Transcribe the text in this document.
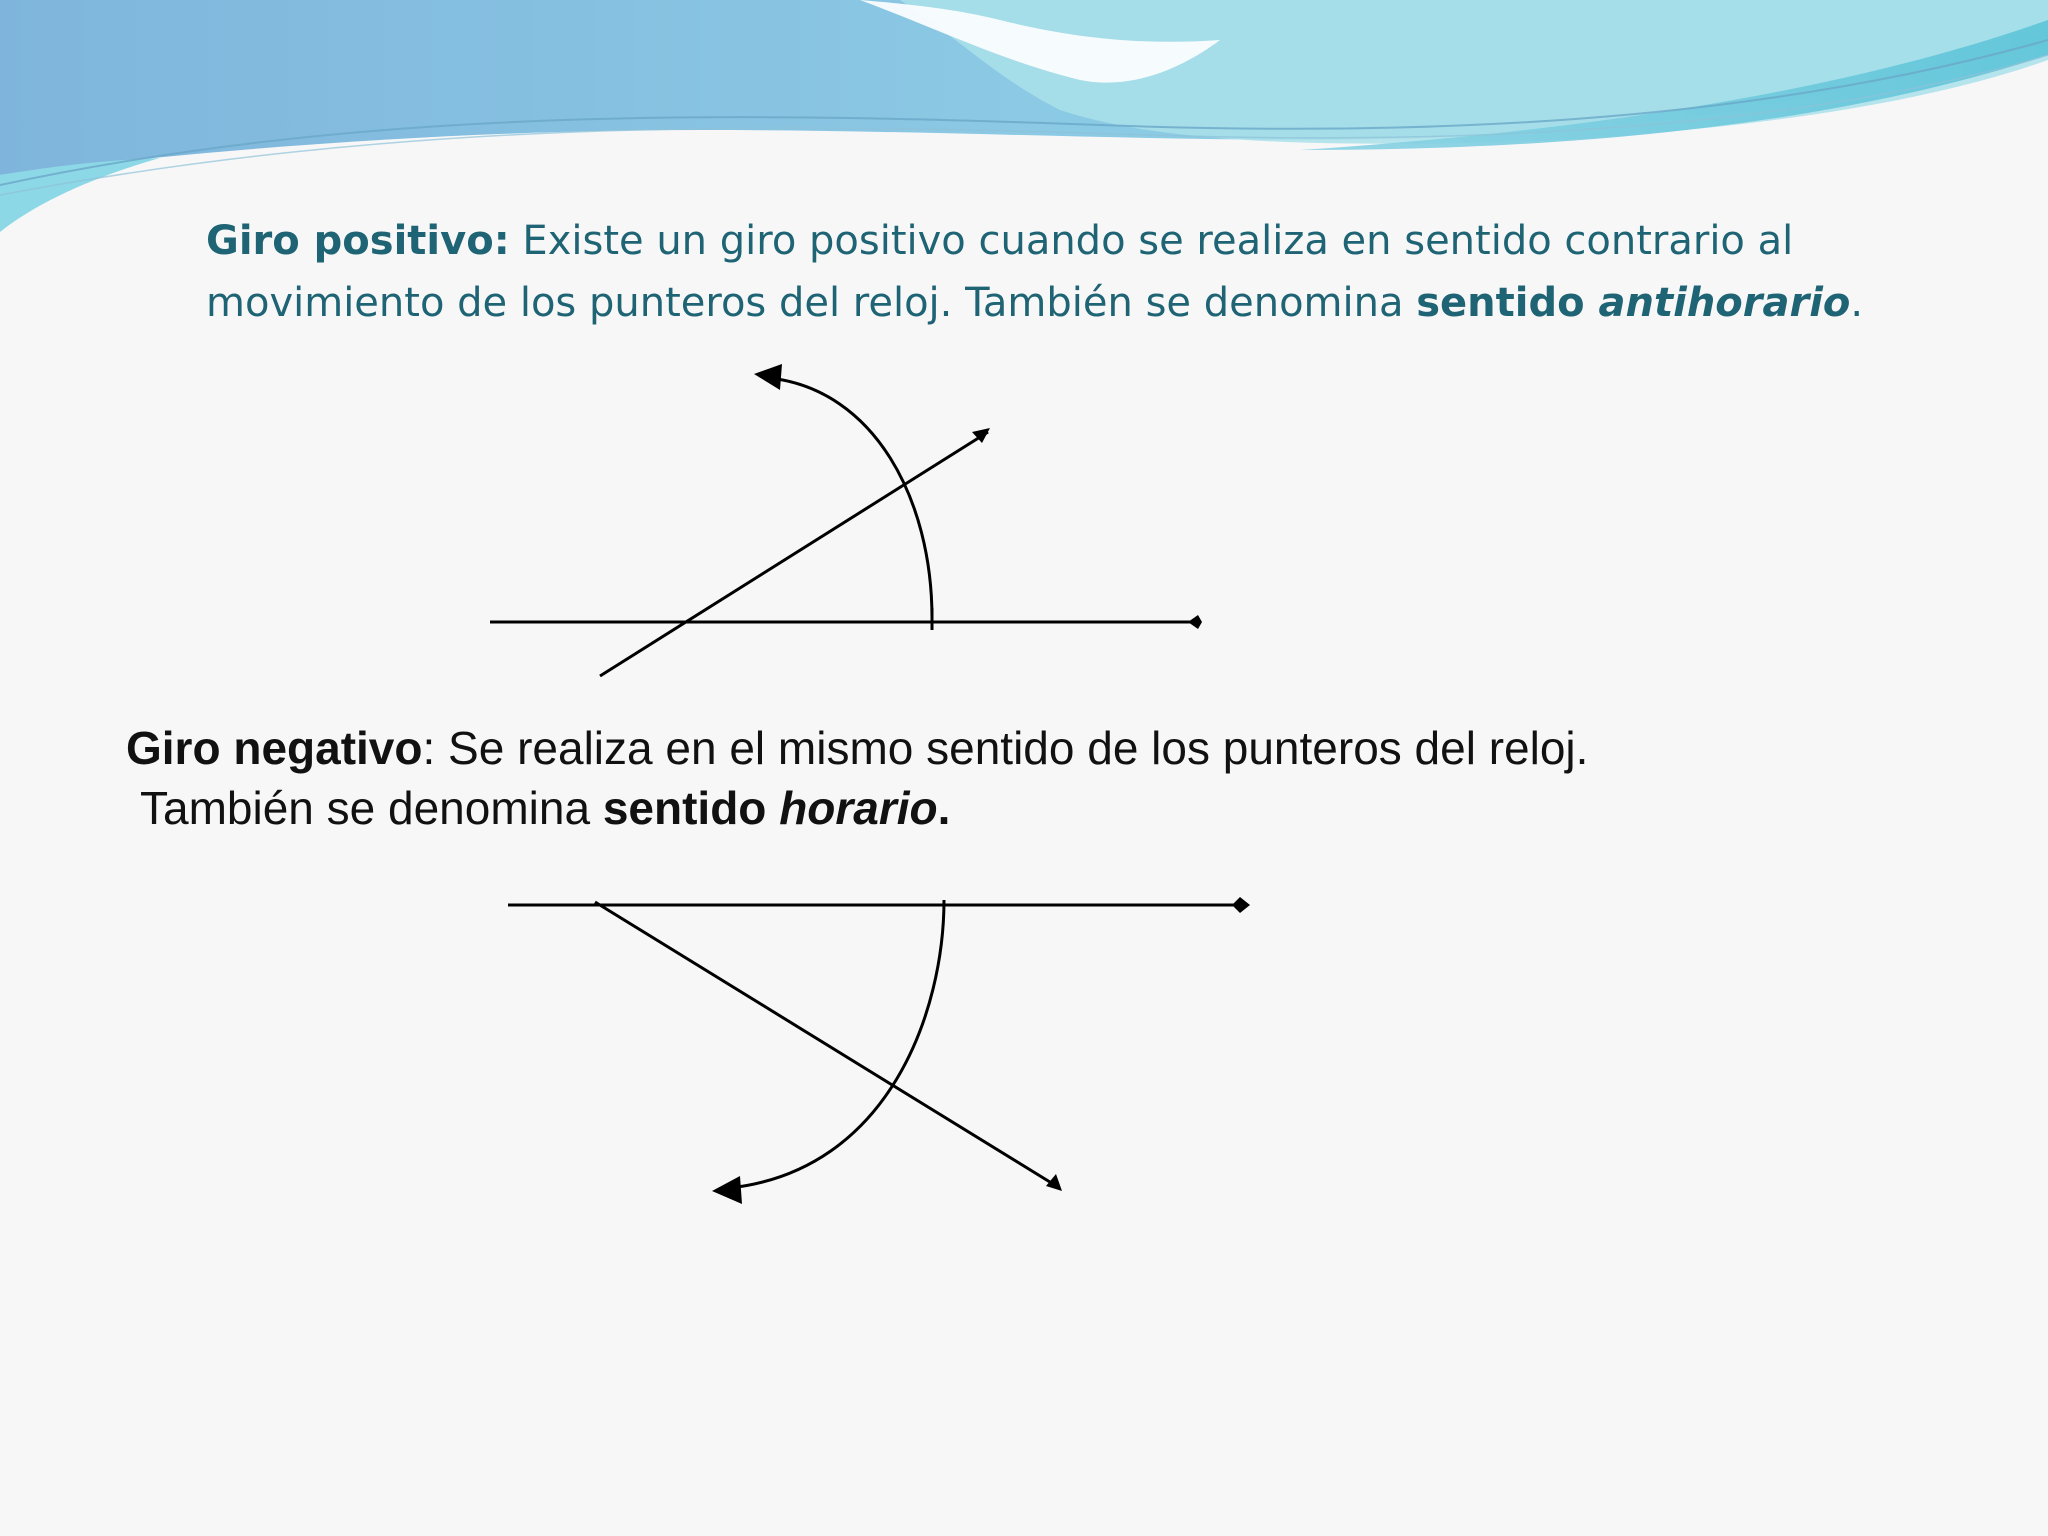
Giro positivo: Existe un giro positivo cuando se realiza en sentido contrario al
movimiento de los punteros del reloj. También se denomina sentido antihorario.

Giro negativo: Se realiza en el mismo sentido de los punteros del reloj.
También se denomina sentido horario.
